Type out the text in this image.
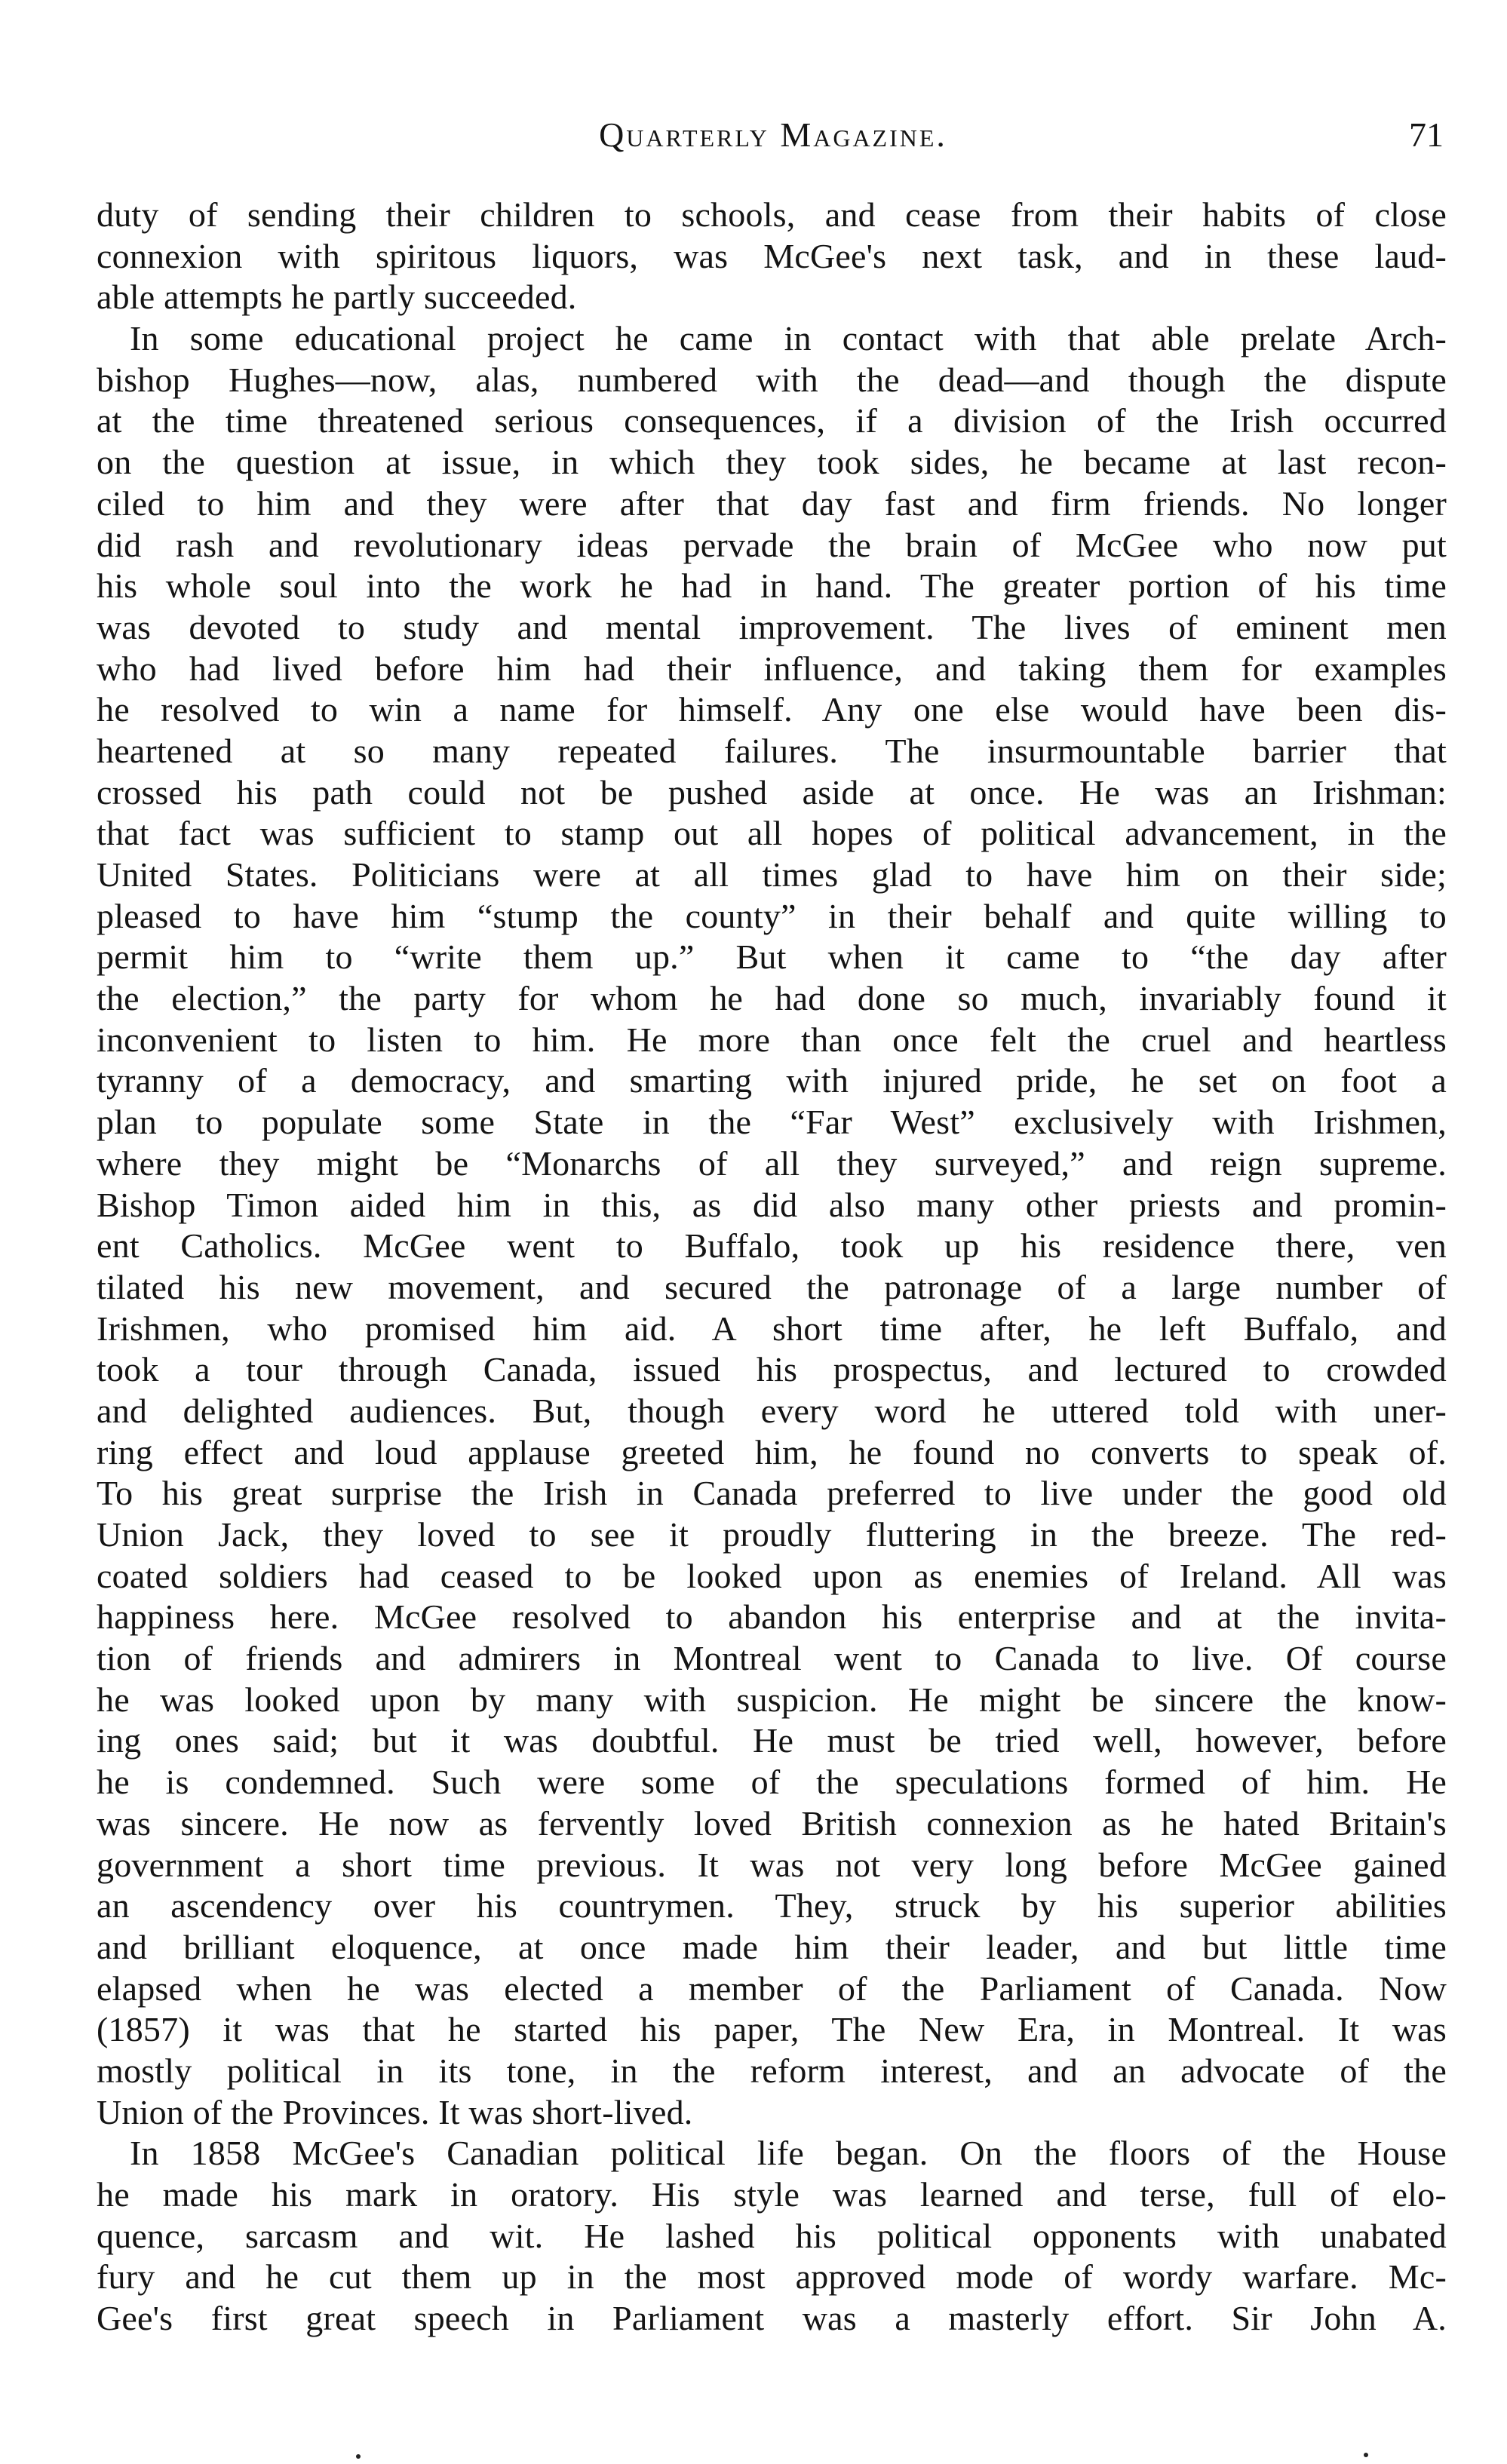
Quarterly Magazine.	71
duty of sending their children to schools, and cease from their habits of close
connexion with spiritous liquors, was McGee's next task, and in these laud-
able attempts he partly succeeded.
In some educational project he came in contact with that able prelate Arch-
bishop Hughes—now, alas, numbered with the dead—and though the dispute
at the time threatened serious consequences, if a division of the Irish occurred
on the question at issue, in which they took sides, he became at last recon-
ciled to him and they were after that day fast and firm friends. No longer
did rash and revolutionary ideas pervade the brain of McGee who now put
his whole soul into the work he had in hand. The greater portion of his time
was devoted to study and mental improvement. The lives of eminent men
who had lived before him had their influence, and taking them for examples
he resolved to win a name for himself. Any one else would have been dis-
heartened at so many repeated failures. The insurmountable barrier that
crossed his path could not be pushed aside at once. He was an Irishman:
that fact was sufficient to stamp out all hopes of political advancement, in the
United States. Politicians were at all times glad to have him on their side;
pleased to have him “stump the county” in their behalf and quite willing to
permit him to “write them up.” But when it came to “the day after
the election,” the party for whom he had done so much, invariably found it
inconvenient to listen to him. He more than once felt the cruel and heartless
tyranny of a democracy, and smarting with injured pride, he set on foot a
plan to populate some State in the “Far West” exclusively with Irishmen,
where they might be “Monarchs of all they surveyed,” and reign supreme.
Bishop Timon aided him in this, as did also many other priests and promin-
ent Catholics. McGee went to Buffalo, took up his residence there, ven
tilated his new movement, and secured the patronage of a large number of
Irishmen, who promised him aid. A short time after, he left Buffalo, and
took a tour through Canada, issued his prospectus, and lectured to crowded
and delighted audiences. But, though every word he uttered told with uner-
ring effect and loud applause greeted him, he found no converts to speak of.
To his great surprise the Irish in Canada preferred to live under the good old
Union Jack, they loved to see it proudly fluttering in the breeze. The red-
coated soldiers had ceased to be looked upon as enemies of Ireland. All was
happiness here. McGee resolved to abandon his enterprise and at the invita-
tion of friends and admirers in Montreal went to Canada to live. Of course
he was looked upon by many with suspicion. He might be sincere the know-
ing ones said; but it was doubtful. He must be tried well, however, before
he is condemned. Such were some of the speculations formed of him. He
was sincere. He now as fervently loved British connexion as he hated Britain's
government a short time previous. It was not very long before McGee gained
an ascendency over his countrymen. They, struck by his superior abilities
and brilliant eloquence, at once made him their leader, and but little time
elapsed when he was elected a member of the Parliament of Canada. Now
(1857) it was that he started his paper, The New Era, in Montreal. It was
mostly political in its tone, in the reform interest, and an advocate of the
Union of the Provinces. It was short-lived.
In 1858 McGee's Canadian political life began. On the floors of the House
he made his mark in oratory. His style was learned and terse, full of elo-
quence, sarcasm and wit. He lashed his political opponents with unabated
fury and he cut them up in the most approved mode of wordy warfare. Mc-
Gee's first great speech in Parliament was a masterly effort. Sir John A.
